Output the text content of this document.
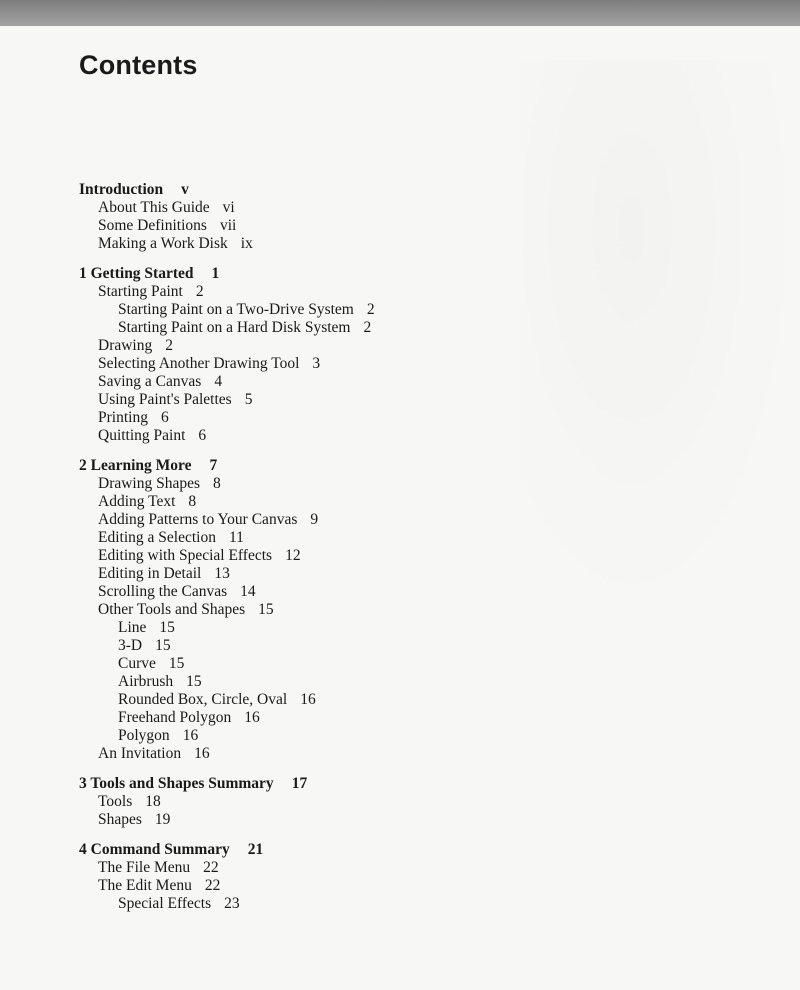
Contents
Introduction v
About This Guide vi
Some Definitions vii
Making a Work Disk ix
1 Getting Started 1
Starting Paint 2
Starting Paint on a Two-Drive System 2
Starting Paint on a Hard Disk System 2
Drawing 2
Selecting Another Drawing Tool 3
Saving a Canvas 4
Using Paint's Palettes 5
Printing 6
Quitting Paint 6
2 Learning More 7
Drawing Shapes 8
Adding Text 8
Adding Patterns to Your Canvas 9
Editing a Selection 11
Editing with Special Effects 12
Editing in Detail 13
Scrolling the Canvas 14
Other Tools and Shapes 15
Line 15
3-D 15
Curve 15
Airbrush 15
Rounded Box, Circle, Oval 16
Freehand Polygon 16
Polygon 16
An Invitation 16
3 Tools and Shapes Summary 17
Tools 18
Shapes 19
4 Command Summary 21
The File Menu 22
The Edit Menu 22
Special Effects 23
